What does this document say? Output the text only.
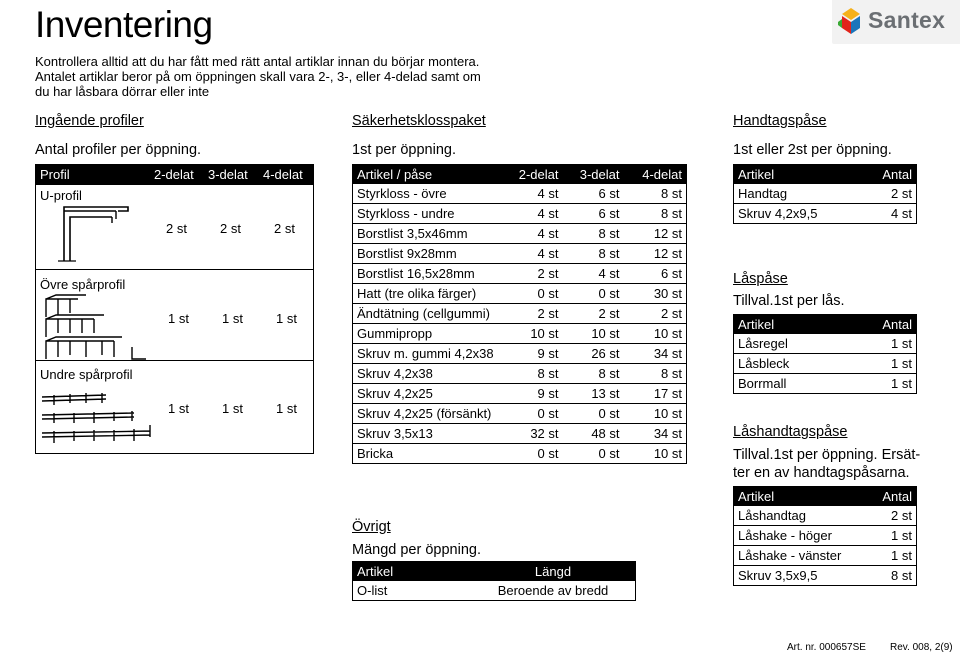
Santex
Inventering
Kontrollera alltid att du har fått med rätt antal artiklar innan du börjar montera.
Antalet artiklar beror på om öppningen skall vara 2-, 3-, eller 4-delad samt om du har låsbara dörrar eller inte
Ingående profiler
Antal profiler per öppning.
Profil	2-delat 3-delat 4-delat
U-profil
2 st	2 st	2 st
Övre spårprofil
1 st	1 st	1 st
Undre spårprofil
1 st	1 st	1 st
Säkerhetsklosspaket
1st per öppning.
Artikel / påse	2-delat	3-delat	4-delat
Styrkloss - övre	4 st	6 st	8 st
Styrkloss - undre	4 st	6 st	8 st
Borstlist 3,5x46mm	4 st	8 st	12 st
Borstlist 9x28mm	4 st	8 st	12 st
Borstlist 16,5x28mm	2 st	4 st	6 st
Hatt (tre olika färger)	0 st	0 st	30 st
Ändtätning (cellgummi)	2 st	2 st	2 st
Gummipropp	10 st	10 st	10 st
Skruv m. gummi 4,2x38	9 st	26 st	34 st
Skruv 4,2x38	8 st	8 st	8 st
Skruv 4,2x25	9 st	13 st	17 st
Skruv 4,2x25 (försänkt)	0 st	0 st	10 st
Skruv 3,5x13	32 st	48 st	34 st
Bricka	0 st	0 st	10 st
Övrigt
Mängd per öppning.
Artikel	Längd
O-list	Beroende av bredd
Handtagspåse
1st eller 2st per öppning.
Artikel	Antal
Handtag	2 st
Skruv 4,2x9,5	4 st
Låspåse
Tillval.1st per lås.
Artikel	Antal
Låsregel	1 st
Låsbleck	1 st
Borrmall	1 st
Låshandtagspåse
Tillval.1st per öppning. Ersät-
ter en av handtagspåsarna.
Artikel	Antal
Låshandtag	2 st
Låshake - höger	1 st
Låshake - vänster	1 st
Skruv 3,5x9,5	8 st
Art. nr. 000657SE Rev. 008, 2(9)
